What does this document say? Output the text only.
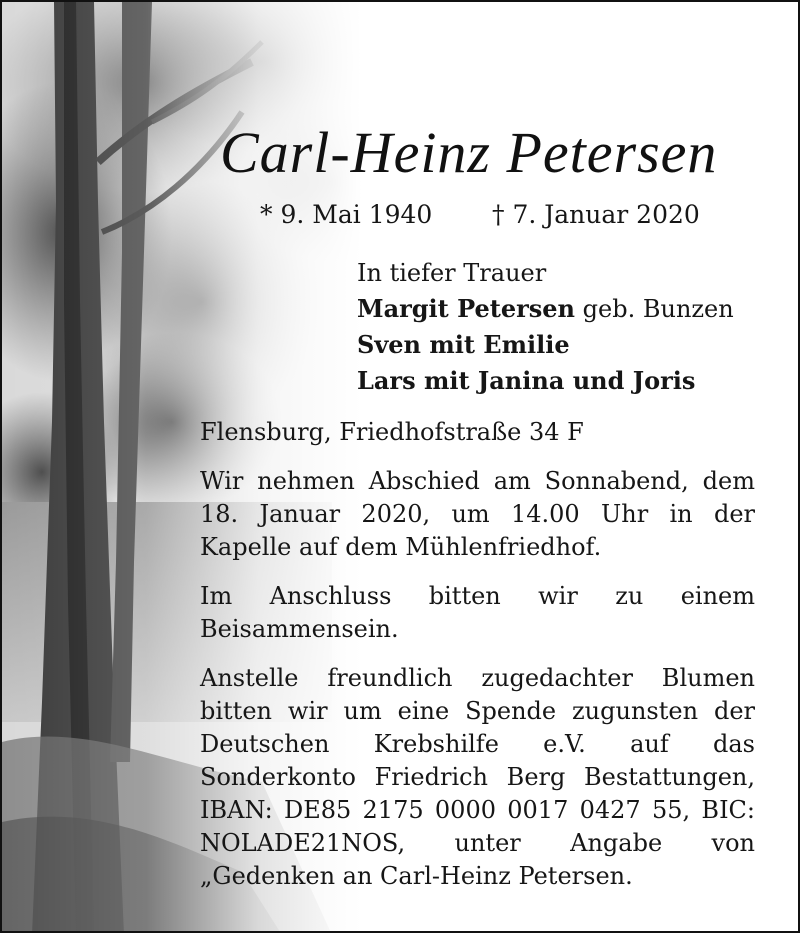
Carl-Heinz Petersen
* 9. Mai 1940 † 7. Januar 2020
In tiefer Trauer
Margit Petersen geb. Bunzen
Sven mit Emilie
Lars mit Janina und Joris

Flensburg, Friedhofstraße 34 F

Wir nehmen Abschied am Sonnabend, dem 18. Januar 2020, um 14.00 Uhr in der Kapelle auf dem Mühlenfriedhof.

Im Anschluss bitten wir zu einem Beisammensein.

Anstelle freundlich zugedachter Blumen bitten wir um eine Spende zugunsten der Deutschen Krebshilfe e.V. auf das Sonderkonto Friedrich Berg Bestattungen, IBAN: DE85 2175 0000 0017 0427 55, BIC: NOLADE21NOS, unter Angabe von „Gedenken an Carl-Heinz Petersen.
